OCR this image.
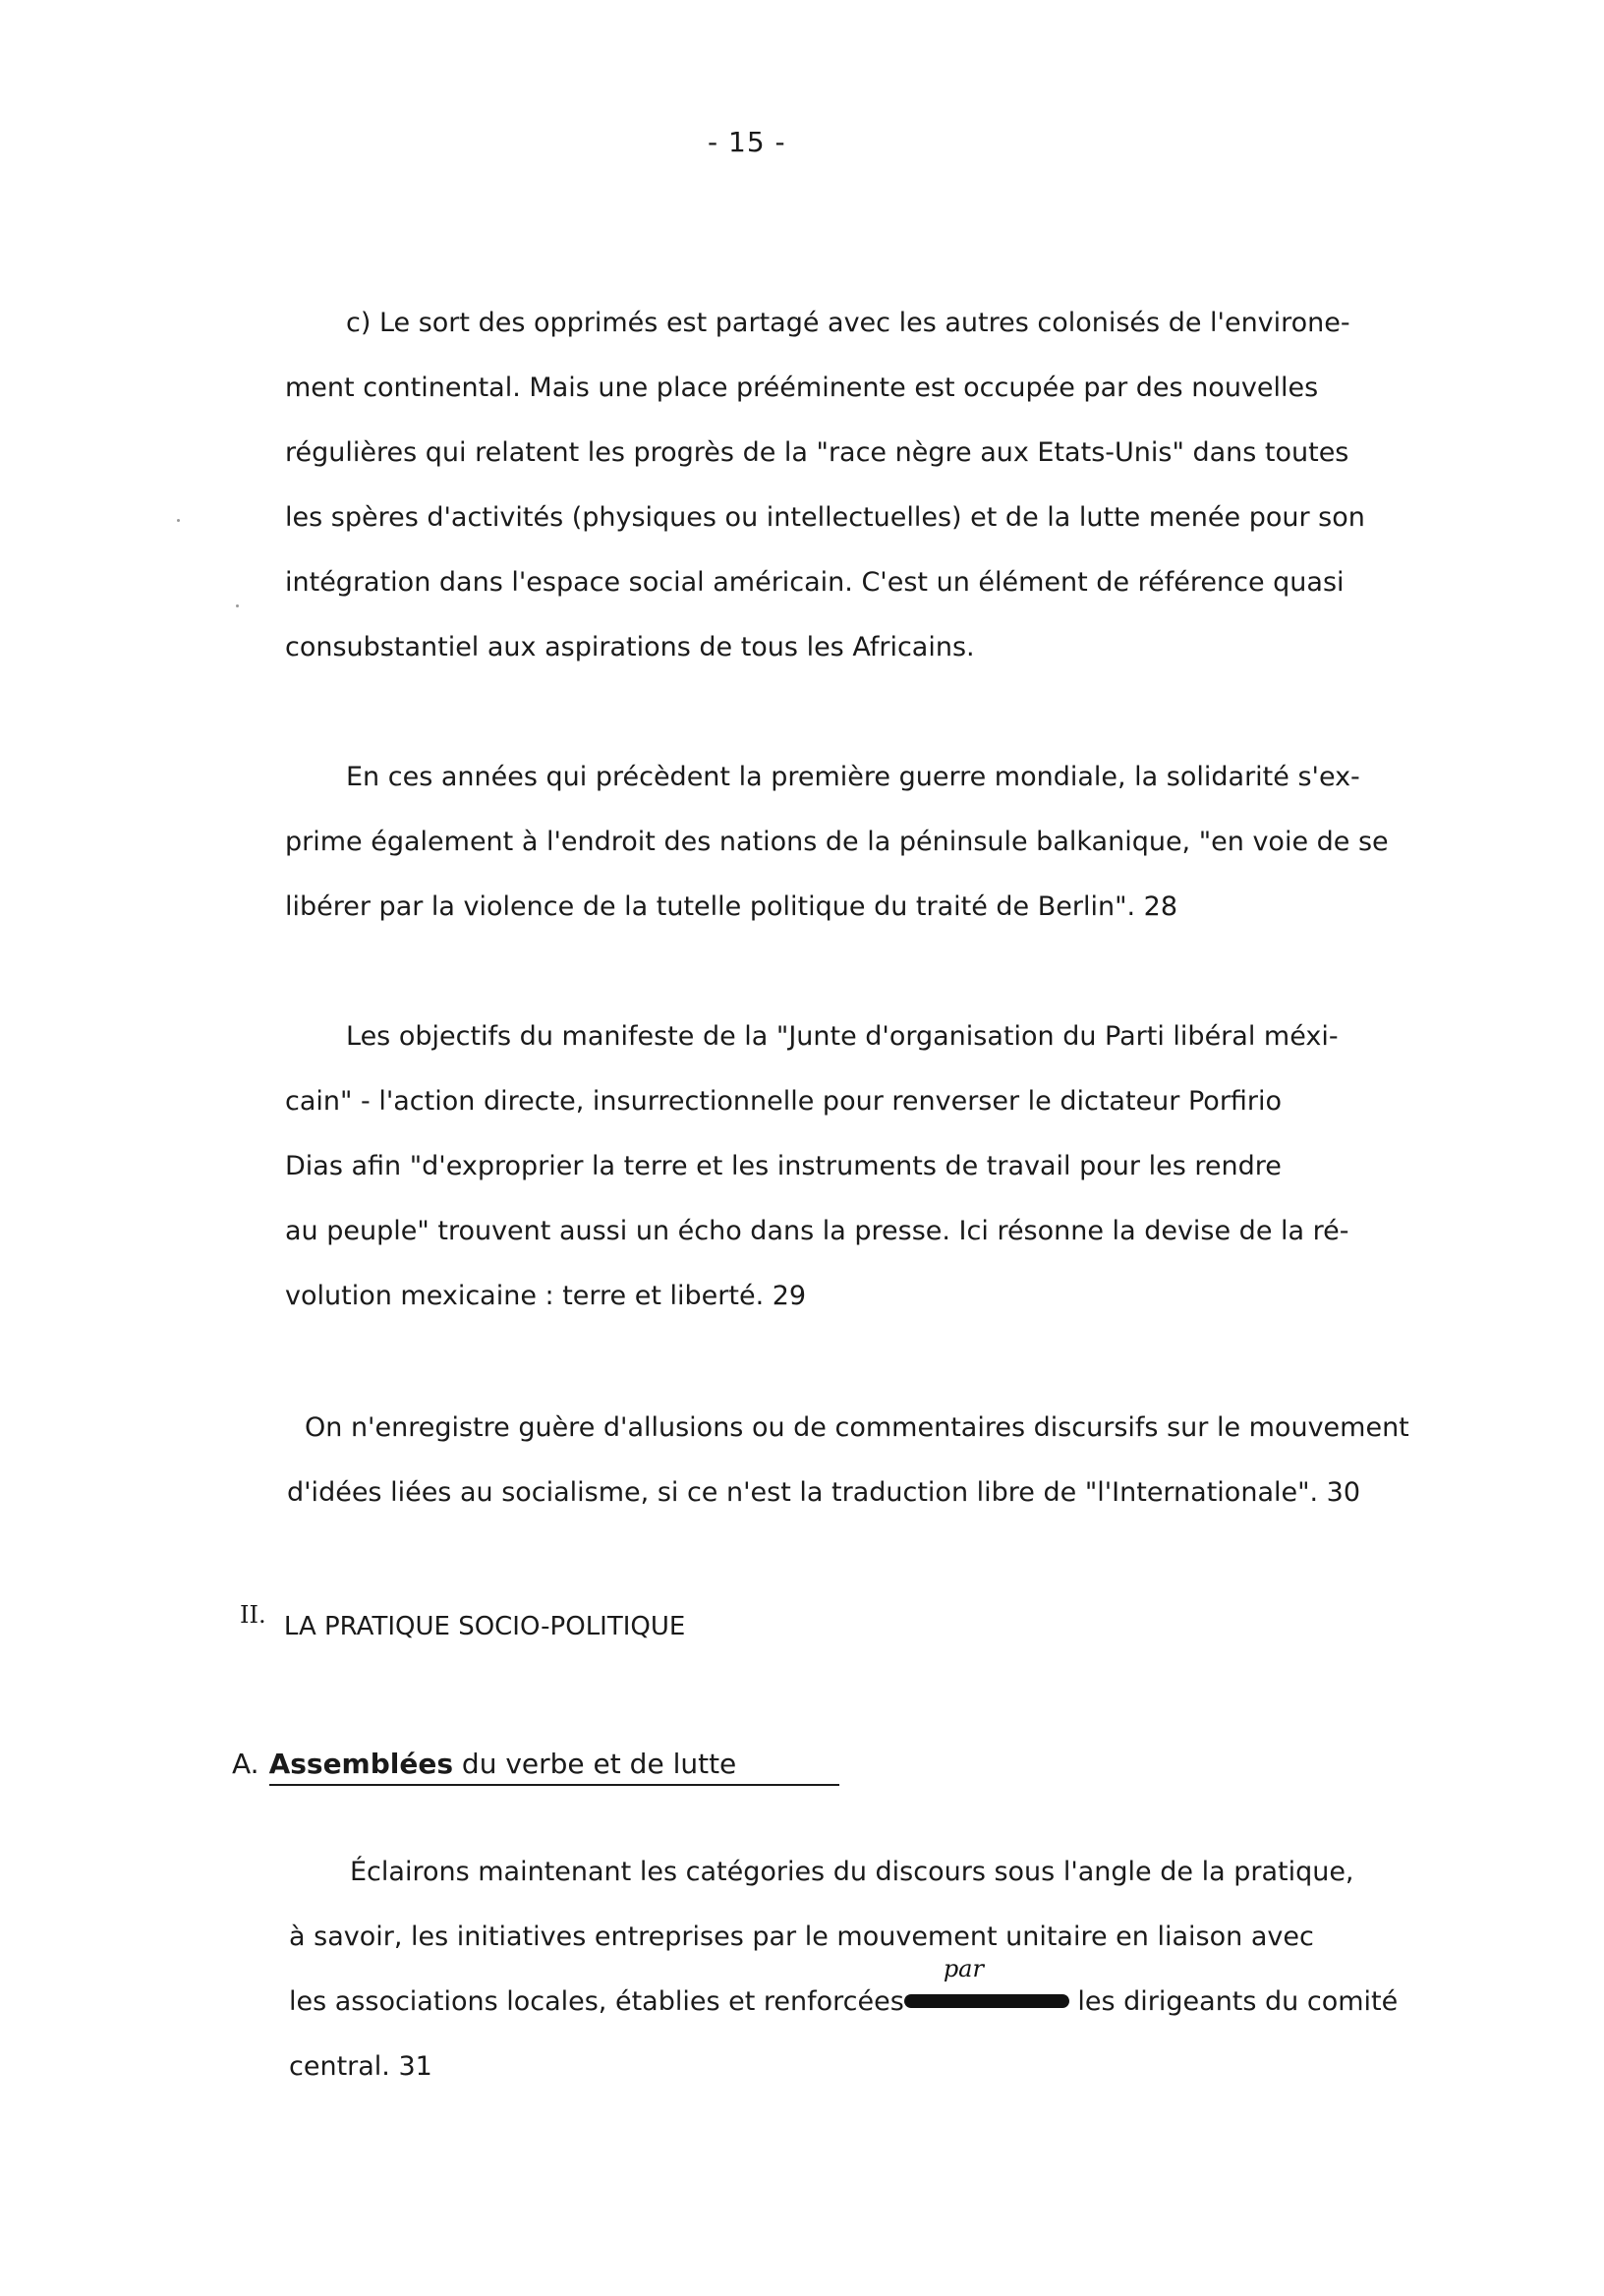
- 15 -
c) Le sort des opprimés est partagé avec les autres colonisés de l'environe-
ment continental. Mais une place prééminente est occupée par des nouvelles
régulières qui relatent les progrès de la "race nègre aux Etats-Unis" dans toutes
les spères d'activités (physiques ou intellectuelles) et de la lutte menée pour son
intégration dans l'espace social américain. C'est un élément de référence quasi
consubstantiel aux aspirations de tous les Africains.
En ces années qui précèdent la première guerre mondiale, la solidarité s'ex-
prime également à l'endroit des nations de la péninsule balkanique, "en voie de se
libérer par la violence de la tutelle politique du traité de Berlin". 28
Les objectifs du manifeste de la "Junte d'organisation du Parti libéral méxi-
cain" - l'action directe, insurrectionnelle pour renverser le dictateur Porfirio
Dias afin "d'exproprier la terre et les instruments de travail pour les rendre
au peuple" trouvent aussi un écho dans la presse. Ici résonne la devise de la ré-
volution mexicaine : terre et liberté. 29
On n'enregistre guère d'allusions ou de commentaires discursifs sur le mouvement
d'idées liées au socialisme, si ce n'est la traduction libre de "l'Internationale". 30
II. LA PRATIQUE SOCIO-POLITIQUE
A. Assemblées du verbe et de lutte
Éclairons maintenant les catégories du discours sous l'angle de la pratique,
à savoir, les initiatives entreprises par le mouvement unitaire en liaison avec
les associations locales, établies et renforcées
par
les dirigeants du comité
central. 31
